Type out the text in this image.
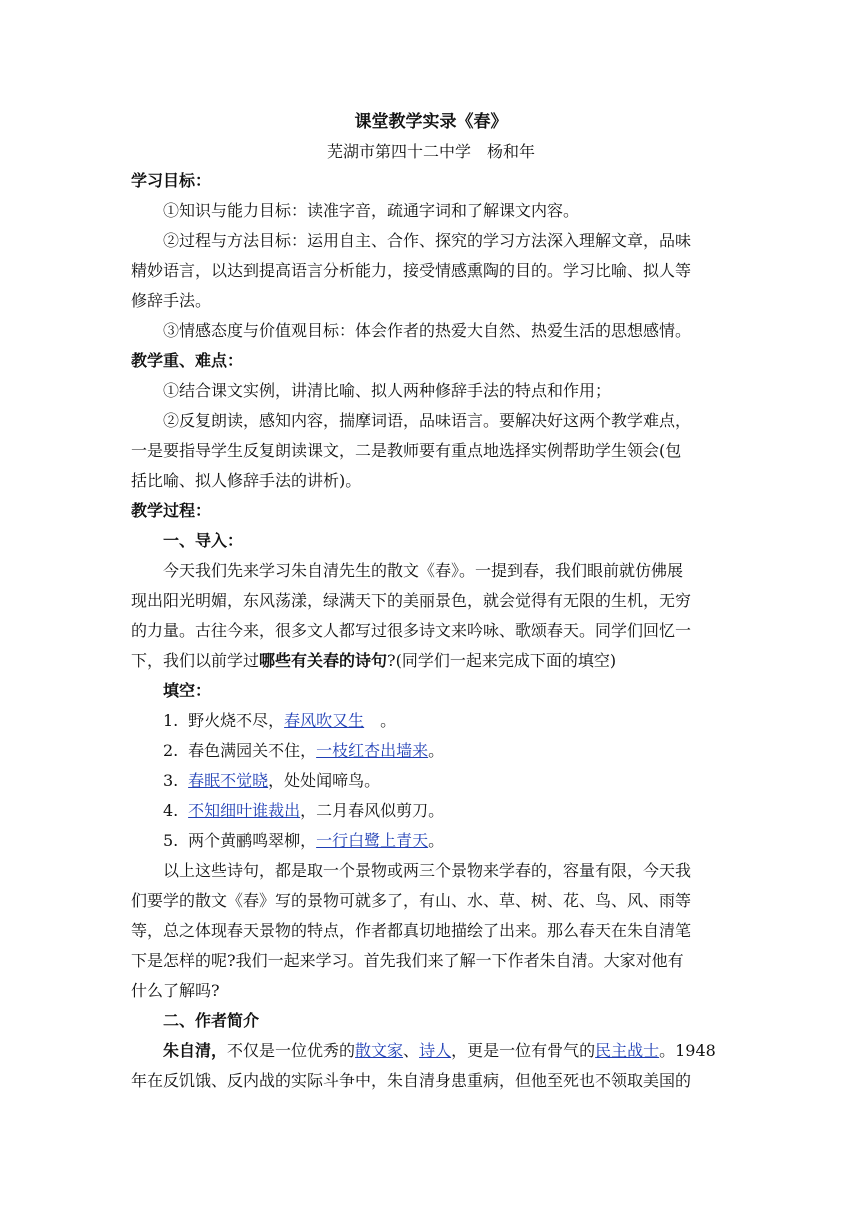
课堂教学实录《春》
芜湖市第四十二中学　杨和年
学习目标：
①知识与能力目标：读准字音，疏通字词和了解课文内容。
②过程与方法目标：运用自主、合作、探究的学习方法深入理解文章，品味
精妙语言，以达到提高语言分析能力，接受情感熏陶的目的。学习比喻、拟人等
修辞手法。
③情感态度与价值观目标：体会作者的热爱大自然、热爱生活的思想感情。
教学重、难点：
①结合课文实例，讲清比喻、拟人两种修辞手法的特点和作用；
②反复朗读，感知内容，揣摩词语，品味语言。要解决好这两个教学难点，
一是要指导学生反复朗读课文，二是教师要有重点地选择实例帮助学生领会(包
括比喻、拟人修辞手法的讲析)。
教学过程：
一、导入：
今天我们先来学习朱自清先生的散文《春》。一提到春，我们眼前就仿佛展
现出阳光明媚，东风荡漾，绿满天下的美丽景色，就会觉得有无限的生机，无穷
的力量。古往今来，很多文人都写过很多诗文来吟咏、歌颂春天。同学们回忆一
下，我们以前学过哪些有关春的诗句?(同学们一起来完成下面的填空)
填空：
1. 野火烧不尽，春风吹又生　。
2. 春色满园关不住，一枝红杏出墙来。
3. 春眠不觉晓，处处闻啼鸟。
4. 不知细叶谁裁出，二月春风似剪刀。
5. 两个黄鹂鸣翠柳，一行白鹭上青天。
以上这些诗句，都是取一个景物或两三个景物来学春的，容量有限，今天我
们要学的散文《春》写的景物可就多了，有山、水、草、树、花、鸟、风、雨等
等，总之体现春天景物的特点，作者都真切地描绘了出来。那么春天在朱自清笔
下是怎样的呢?我们一起来学习。首先我们来了解一下作者朱自清。大家对他有
什么了解吗?
二、作者简介
朱自清，不仅是一位优秀的散文家、诗人，更是一位有骨气的民主战士。1948
年在反饥饿、反内战的实际斗争中，朱自清身患重病，但他至死也不领取美国的
